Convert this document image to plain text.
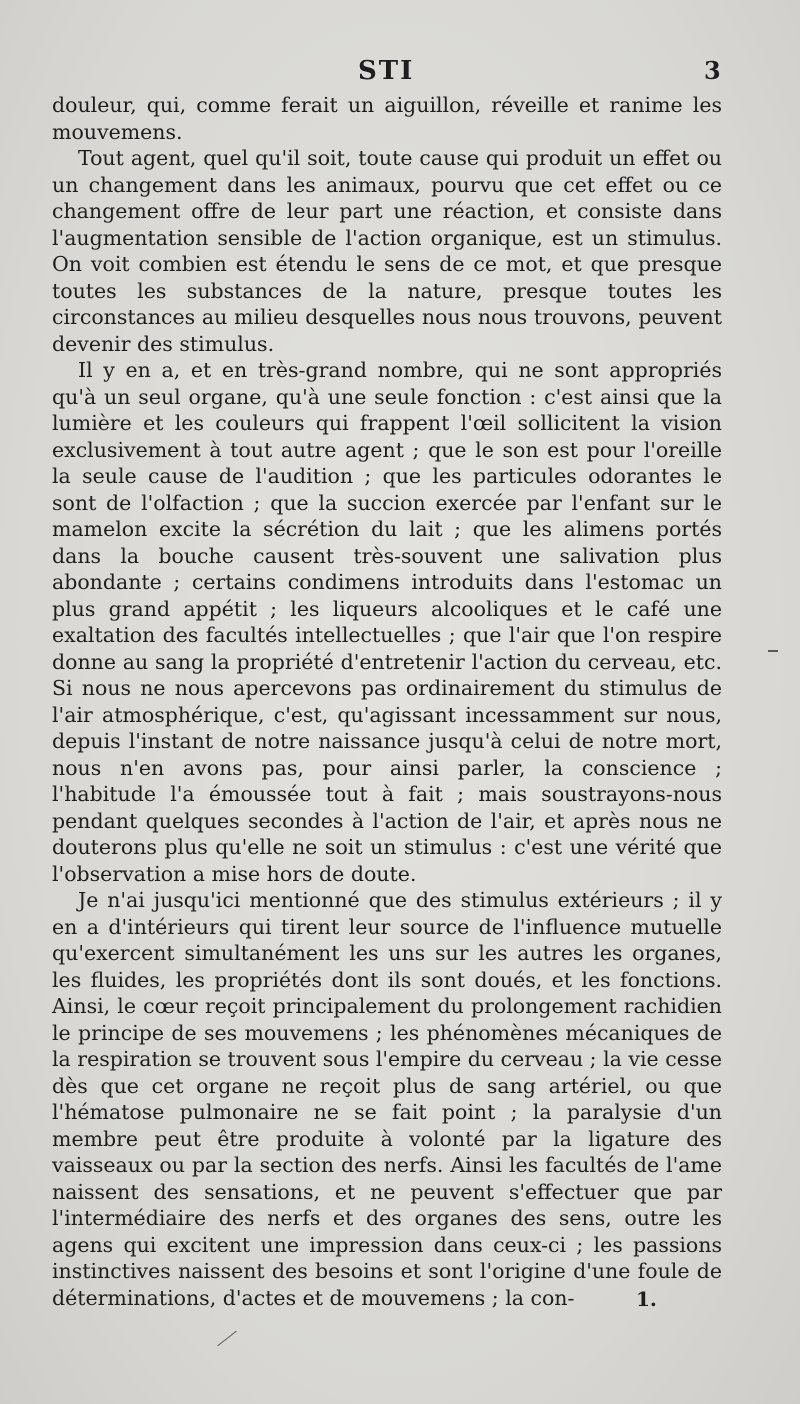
STI	3

douleur, qui, comme ferait un aiguillon, réveille et ranime les mouvemens.

Tout agent, quel qu'il soit, toute cause qui produit un effet ou un changement dans les animaux, pourvu que cet effet ou ce changement offre de leur part une réaction, et consiste dans l'augmentation sensible de l'action organique, est un stimulus. On voit combien est étendu le sens de ce mot, et que presque toutes les substances de la nature, presque toutes les circonstances au milieu desquelles nous nous trouvons, peuvent devenir des stimulus.

Il y en a, et en très-grand nombre, qui ne sont appropriés qu'à un seul organe, qu'à une seule fonction : c'est ainsi que la lumière et les couleurs qui frappent l'œil sollicitent la vision exclusivement à tout autre agent ; que le son est pour l'oreille la seule cause de l'audition ; que les particules odorantes le sont de l'olfaction ; que la succion exercée par l'enfant sur le mamelon excite la sécrétion du lait ; que les alimens portés dans la bouche causent très-souvent une salivation plus abondante ; certains condimens introduits dans l'estomac un plus grand appétit ; les liqueurs alcooliques et le café une exaltation des facultés intellectuelles ; que l'air que l'on respire donne au sang la propriété d'entretenir l'action du cerveau, etc. Si nous ne nous apercevons pas ordinairement du stimulus de l'air atmosphérique, c'est, qu'agissant incessamment sur nous, depuis l'instant de notre naissance jusqu'à celui de notre mort, nous n'en avons pas, pour ainsi parler, la conscience ; l'habitude l'a émoussée tout à fait ; mais soustrayons-nous pendant quelques secondes à l'action de l'air, et après nous ne douterons plus qu'elle ne soit un stimulus : c'est une vérité que l'observation a mise hors de doute.

Je n'ai jusqu'ici mentionné que des stimulus extérieurs ; il y en a d'intérieurs qui tirent leur source de l'influence mutuelle qu'exercent simultanément les uns sur les autres les organes, les fluides, les propriétés dont ils sont doués, et les fonctions. Ainsi, le cœur reçoit principalement du prolongement rachidien le principe de ses mouvemens ; les phénomènes mécaniques de la respiration se trouvent sous l'empire du cerveau ; la vie cesse dès que cet organe ne reçoit plus de sang artériel, ou que l'hématose pulmonaire ne se fait point ; la paralysie d'un membre peut être produite à volonté par la ligature des vaisseaux ou par la section des nerfs. Ainsi les facultés de l'ame naissent des sensations, et ne peuvent s'effectuer que par l'intermédiaire des nerfs et des organes des sens, outre les agens qui excitent une impression dans ceux-ci ; les passions instinctives naissent des besoins et sont l'origine d'une foule de déterminations, d'actes et de mouvemens ; la con-	1.
